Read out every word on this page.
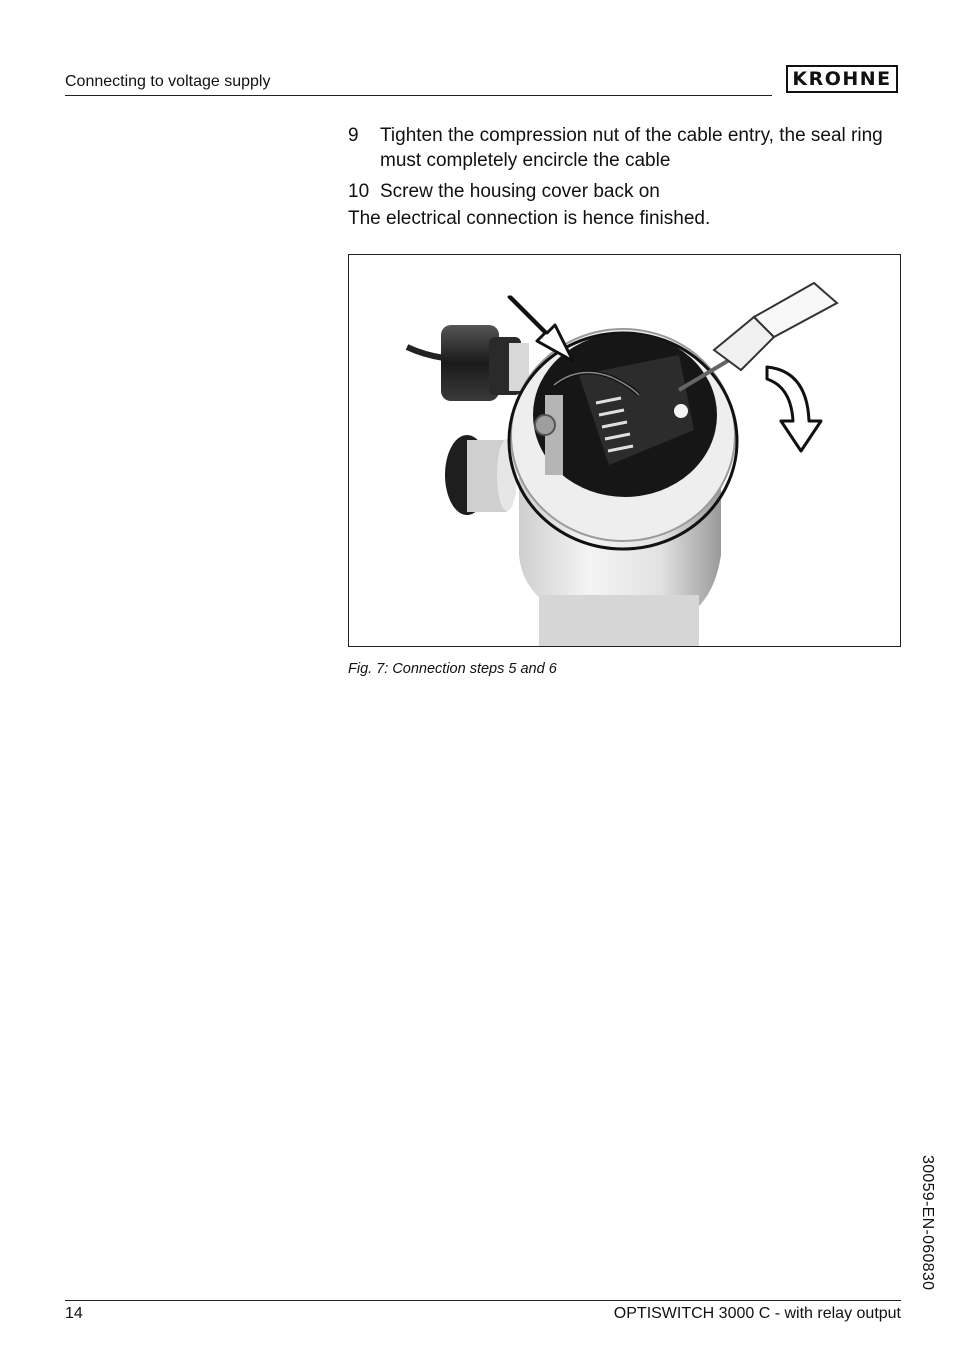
Connecting to voltage supply	KROHNE
9 Tighten the compression nut of the cable entry, the seal ring must completely encircle the cable
10 Screw the housing cover back on
The electrical connection is hence finished.
Fig. 7: Connection steps 5 and 6
30059-EN-060830
14	OPTISWITCH 3000 C - with relay output
